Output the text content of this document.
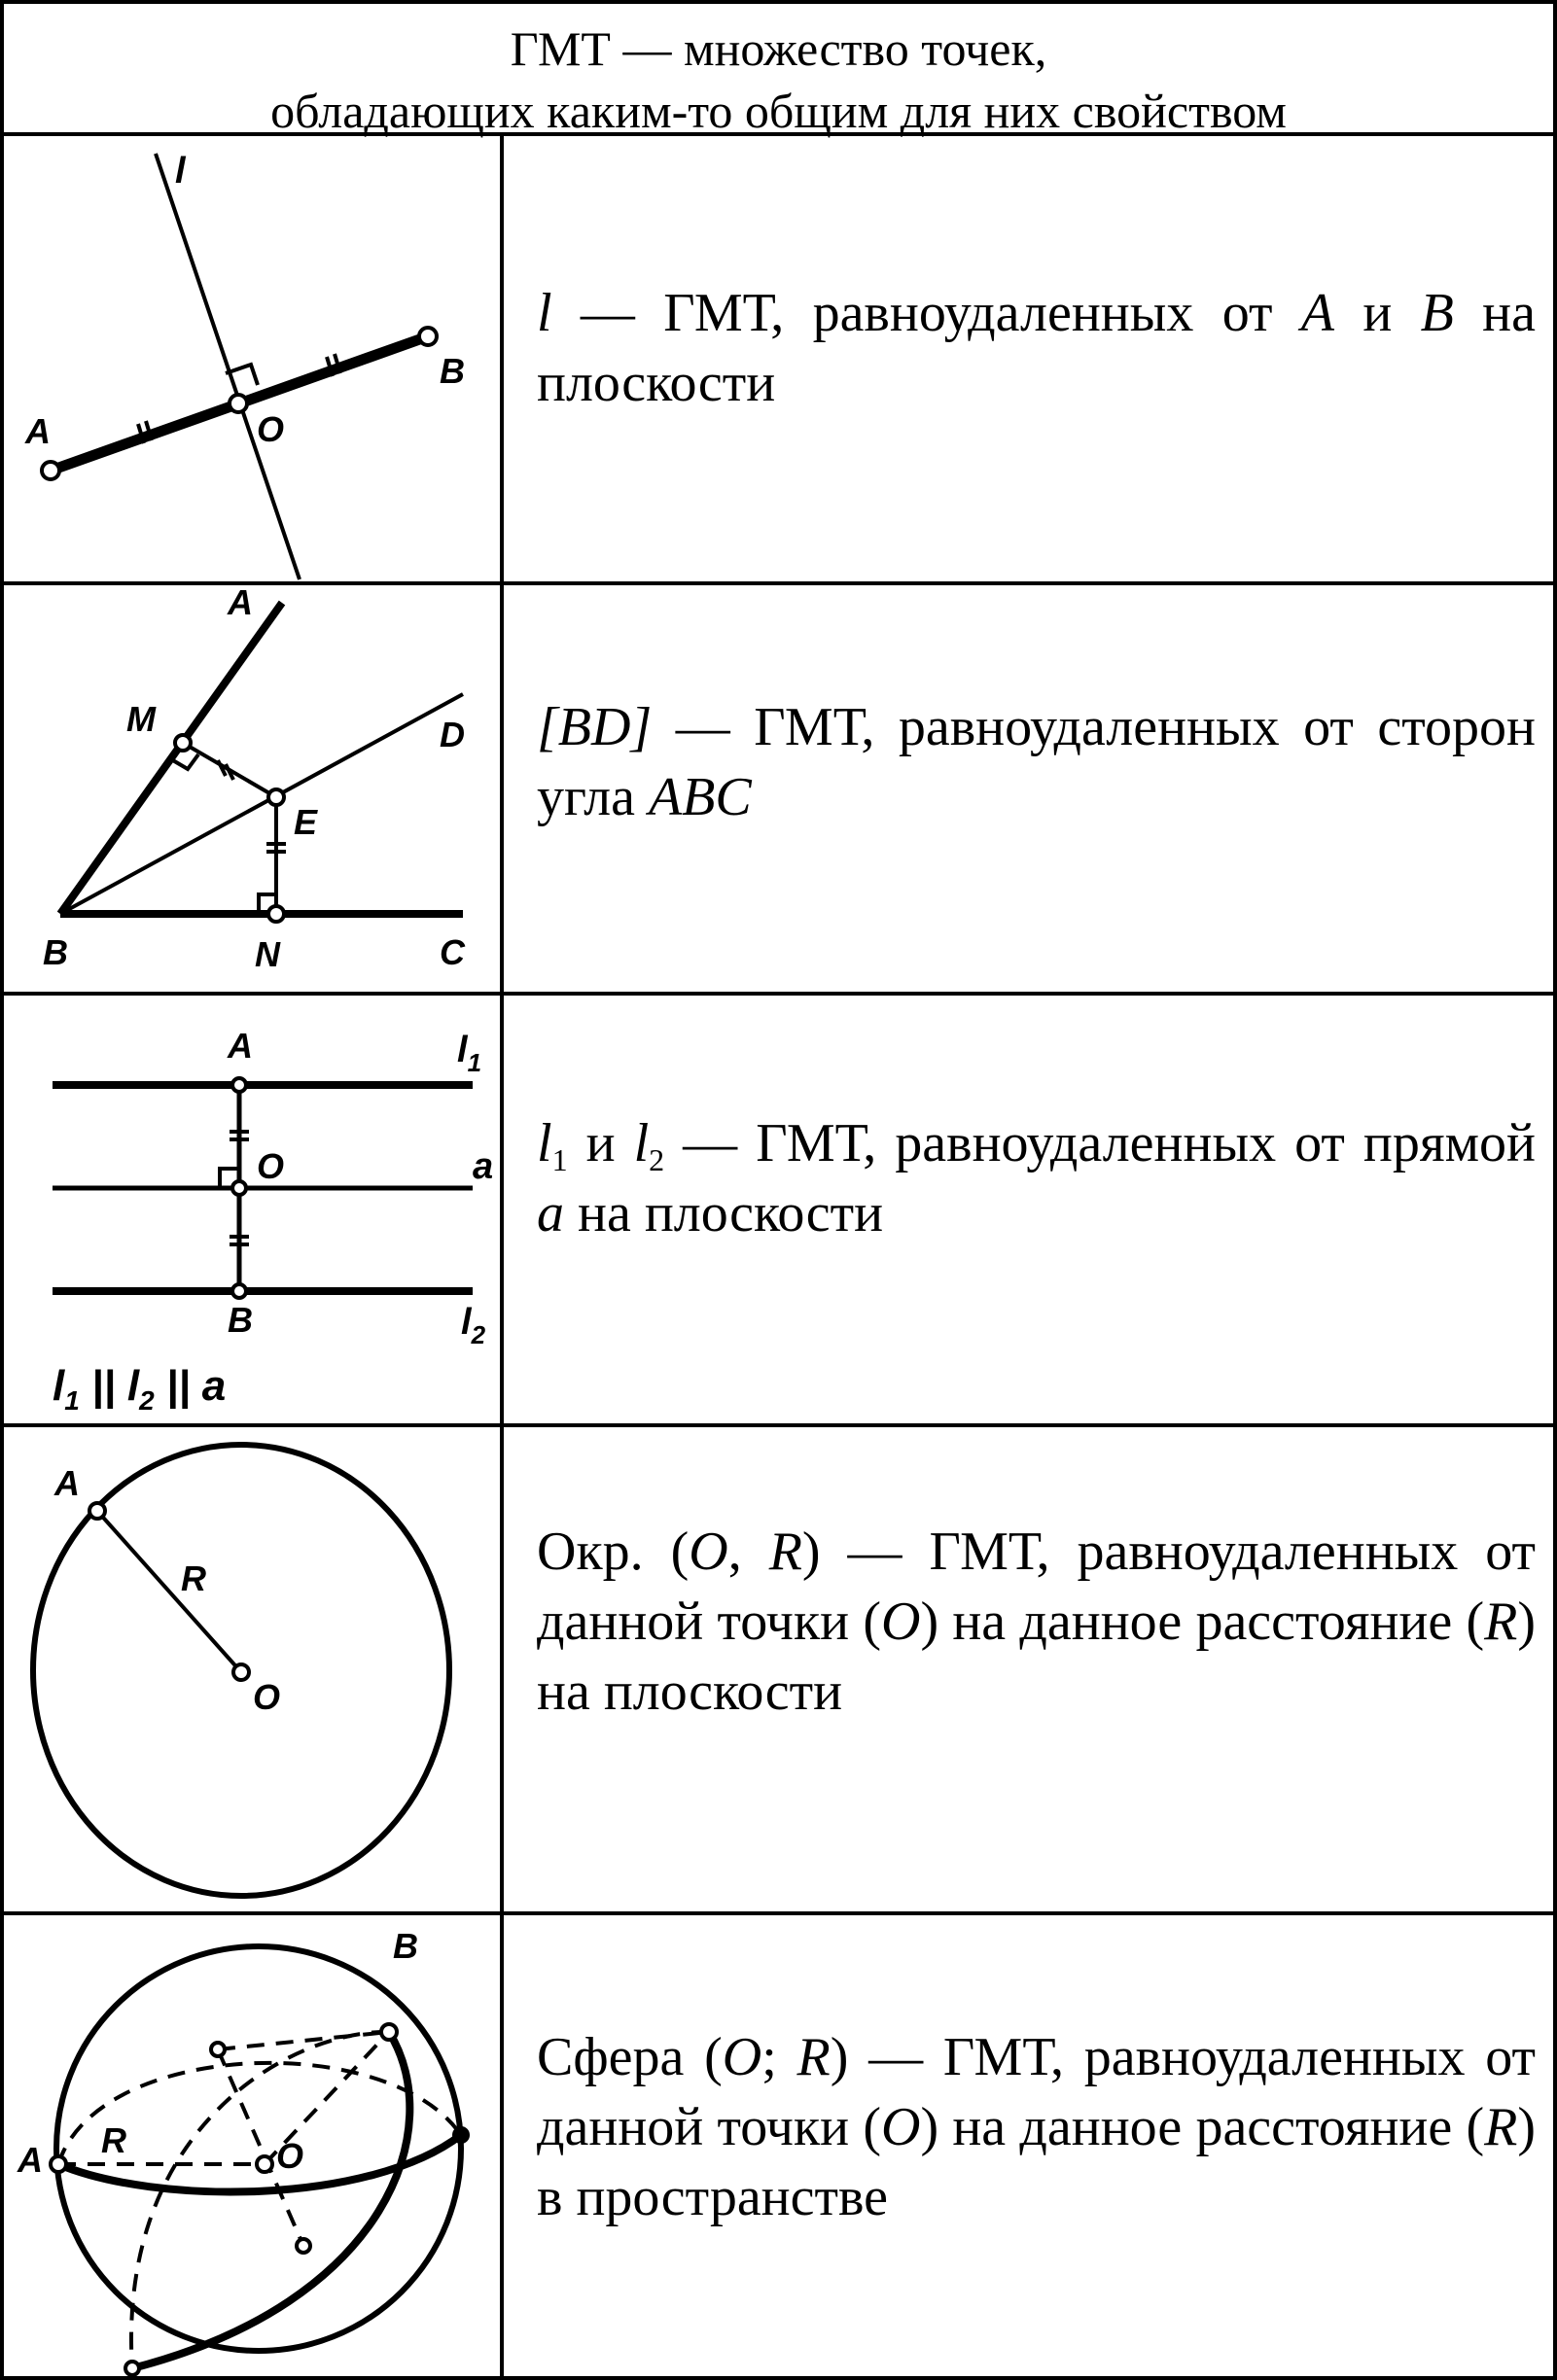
ГМТ — множество точек,
обладающих каким-то общим для них свойством
l
A
B
O
l — ГМТ, равноудаленных от A и B на плоскости
A
M	D
E
B	N	C
[BD] — ГМТ, равноудаленных от сторон угла ABC
A	$l_1$
O	a
B	$l_2$
$l_1$ || $l_2$ || a
$l_1$ и $l_2$ — ГМТ, равноудаленных от прямой a на плоскости
A
R
O
Окр. (O, R) — ГМТ, равноудаленных от данной точки (O) на данное расстояние (R) на плоскости
B
A R	O
Сфера (O; R) — ГМТ, равноудаленных от данной точки (O) на данное расстояние (R) в пространстве
